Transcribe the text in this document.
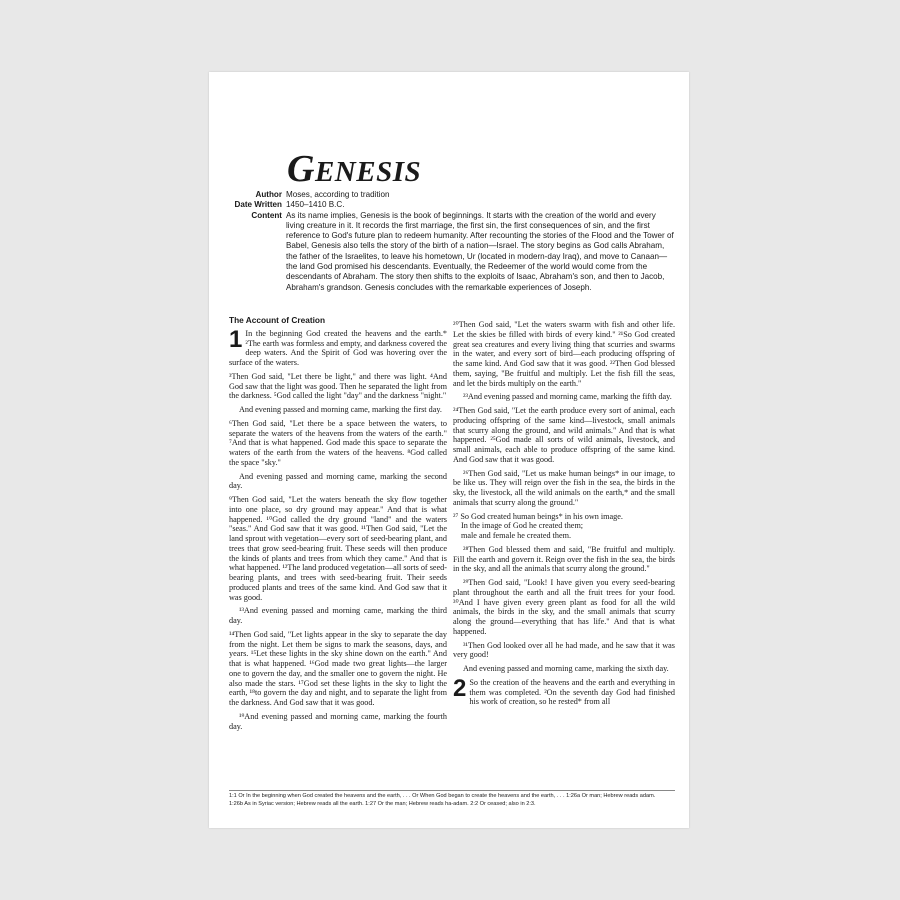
GENESIS
Author Moses, according to tradition
Date Written 1450–1410 B.C.
Content As its name implies, Genesis is the book of beginnings. It starts with the creation of the world and every living creature in it. It records the first marriage, the first sin, the first consequences of sin, and the first reference to God's future plan to redeem humanity. After recounting the stories of the Flood and the Tower of Babel, Genesis also tells the story of the birth of a nation—Israel. The story begins as God calls Abraham, the father of the Israelites, to leave his hometown, Ur (located in modern-day Iraq), and move to Canaan—the land God promised his descendants. Eventually, the Redeemer of the world would come from the descendants of Abraham. The story then shifts to the exploits of Isaac, Abraham's son, and then to Jacob, Abraham's grandson. Genesis concludes with the remarkable experiences of Joseph.
The Account of Creation

1 In the beginning God created the heavens and the earth.* ²The earth was formless and empty, and darkness covered the deep waters. And the Spirit of God was hovering over the surface of the waters.

³Then God said, "Let there be light," and there was light. ⁴And God saw that the light was good. Then he separated the light from the darkness. ⁵God called the light "day" and the darkness "night."

And evening passed and morning came, marking the first day.

⁶Then God said, "Let there be a space between the waters, to separate the waters of the heavens from the waters of the earth." ⁷And that is what happened. God made this space to separate the waters of the earth from the waters of the heavens. ⁸God called the space "sky."

And evening passed and morning came, marking the second day.

⁹Then God said, "Let the waters beneath the sky flow together into one place, so dry ground may appear." And that is what happened. ¹⁰God called the dry ground "land" and the waters "seas." And God saw that it was good. ¹¹Then God said, "Let the land sprout with vegetation—every sort of seed-bearing plant, and trees that grow seed-bearing fruit. These seeds will then produce the kinds of plants and trees from which they came." And that is what happened. ¹²The land produced vegetation—all sorts of seed-bearing plants, and trees with seed-bearing fruit. Their seeds produced plants and trees of the same kind. And God saw that it was good.

¹³And evening passed and morning came, marking the third day.

¹⁴Then God said, "Let lights appear in the sky to separate the day from the night. Let them be signs to mark the seasons, days, and years. ¹⁵Let these lights in the sky shine down on the earth." And that is what happened. ¹⁶God made two great lights—the larger one to govern the day, and the smaller one to govern the night. He also made the stars. ¹⁷God set these lights in the sky to light the earth, ¹⁸to govern the day and night, and to separate the light from the darkness. And God saw that it was good.

¹⁹And evening passed and morning came, marking the fourth day.

²⁰Then God said, "Let the waters swarm with fish and other life. Let the skies be filled with birds of every kind." ²¹So God created great sea creatures and every living thing that scurries and swarms in the water, and every sort of bird—each producing offspring of the same kind. And God saw that it was good. ²²Then God blessed them, saying, "Be fruitful and multiply. Let the fish fill the seas, and let the birds multiply on the earth."

²³And evening passed and morning came, marking the fifth day.

²⁴Then God said, "Let the earth produce every sort of animal, each producing offspring of the same kind—livestock, small animals that scurry along the ground, and wild animals." And that is what happened. ²⁵God made all sorts of wild animals, livestock, and small animals, each able to produce offspring of the same kind. And God saw that it was good.

²⁶Then God said, "Let us make human beings* in our image, to be like us. They will reign over the fish in the sea, the birds in the sky, the livestock, all the wild animals on the earth,* and the small animals that scurry along the ground."

²⁷ So God created human beings* in his own image.
In the image of God he created them;
male and female he created them.

²⁸Then God blessed them and said, "Be fruitful and multiply. Fill the earth and govern it. Reign over the fish in the sea, the birds in the sky, and all the animals that scurry along the ground."

²⁹Then God said, "Look! I have given you every seed-bearing plant throughout the earth and all the fruit trees for your food. ³⁰And I have given every green plant as food for all the wild animals, the birds in the sky, and the small animals that scurry along the ground—everything that has life." And that is what happened.

³¹Then God looked over all he had made, and he saw that it was very good!

And evening passed and morning came, marking the sixth day.

2 So the creation of the heavens and the earth and everything in them was completed. ²On the seventh day God had finished his work of creation, so he rested* from all

1:1 Or In the beginning when God created the heavens and the earth, . . . Or When God began to create the heavens and the earth, . . . 1:26a Or man; Hebrew reads adam.
1:26b As in Syriac version; Hebrew reads all the earth. 1:27 Or the man; Hebrew reads ha-adam. 2:2 Or ceased; also in 2:3.
